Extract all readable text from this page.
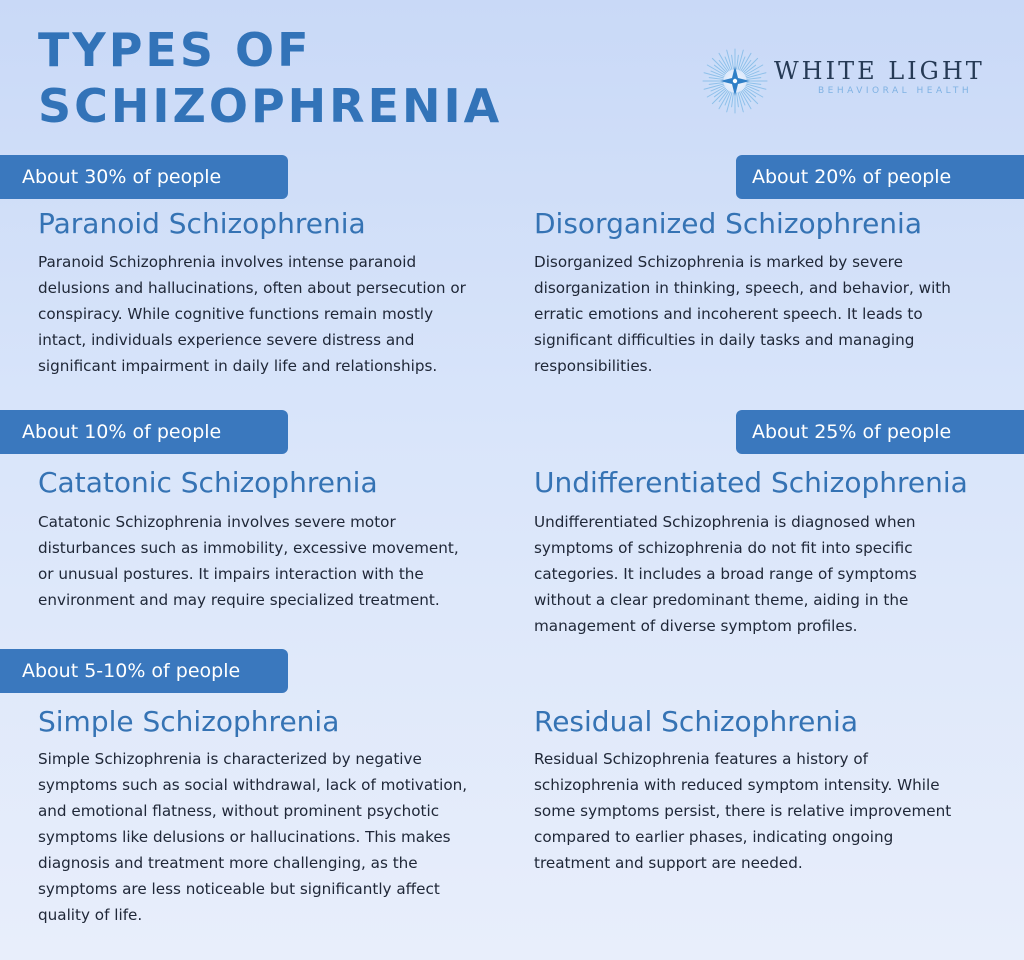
TYPES OF
SCHIZOPHRENIA
WHITE LIGHT
BEHAVIORAL HEALTH
About 30% of people
Paranoid Schizophrenia

Paranoid Schizophrenia involves intense paranoid delusions and hallucinations, often about persecution or conspiracy. While cognitive functions remain mostly intact, individuals experience severe distress and significant impairment in daily life and relationships.

About 20% of people
Disorganized Schizophrenia

Disorganized Schizophrenia is marked by severe disorganization in thinking, speech, and behavior, with erratic emotions and incoherent speech. It leads to significant difficulties in daily tasks and managing responsibilities.

About 10% of people
Catatonic Schizophrenia

Catatonic Schizophrenia involves severe motor disturbances such as immobility, excessive movement, or unusual postures. It impairs interaction with the environment and may require specialized treatment.

About 25% of people
Undifferentiated Schizophrenia

Undifferentiated Schizophrenia is diagnosed when symptoms of schizophrenia do not fit into specific categories. It includes a broad range of symptoms without a clear predominant theme, aiding in the management of diverse symptom profiles.

About 5-10% of people
Simple Schizophrenia

Simple Schizophrenia is characterized by negative symptoms such as social withdrawal, lack of motivation, and emotional flatness, without prominent psychotic symptoms like delusions or hallucinations. This makes diagnosis and treatment more challenging, as the symptoms are less noticeable but significantly affect quality of life.

Residual Schizophrenia

Residual Schizophrenia features a history of schizophrenia with reduced symptom intensity. While some symptoms persist, there is relative improvement compared to earlier phases, indicating ongoing treatment and support are needed.
